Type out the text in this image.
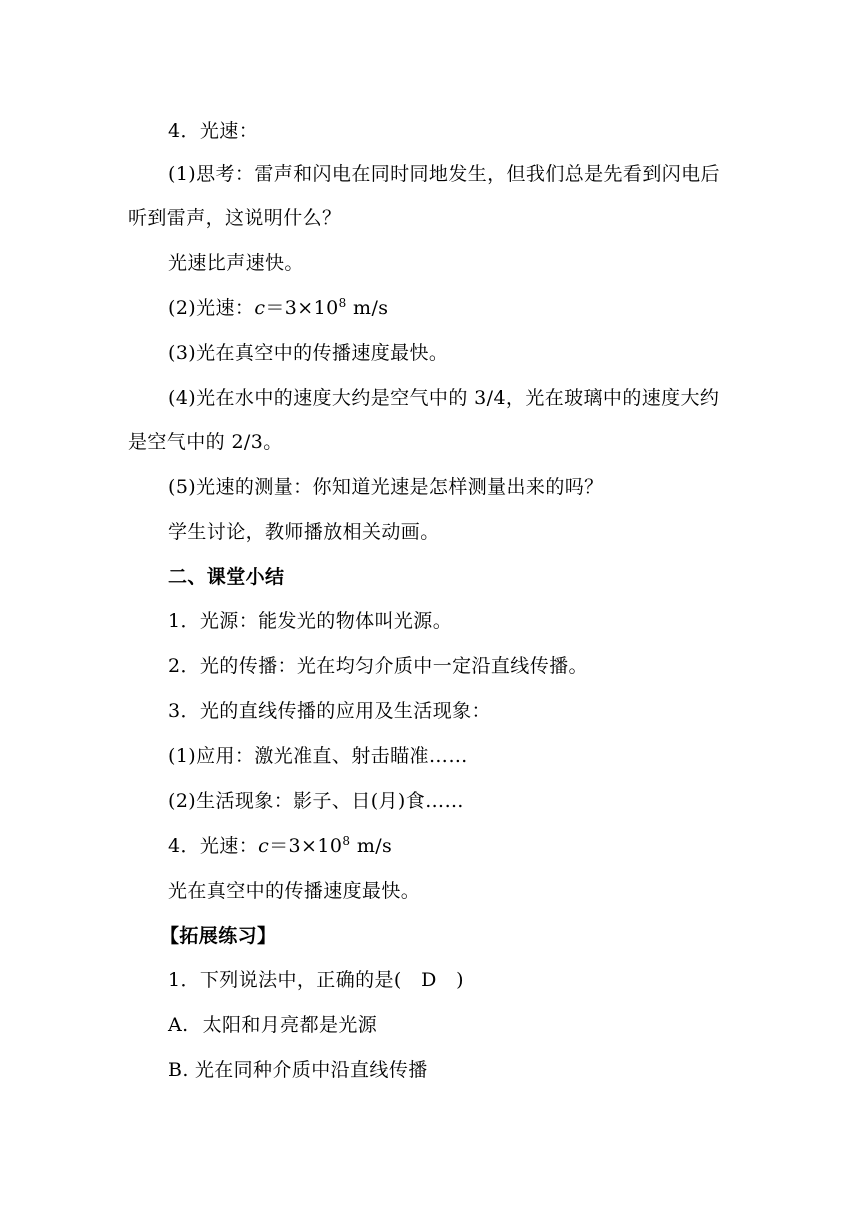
4．光速：

(1)思考：雷声和闪电在同时同地发生，但我们总是先看到闪电后

听到雷声，这说明什么？

光速比声速快。

(2)光速：$c=3\times 10^8$ m/s

(3)光在真空中的传播速度最快。

(4)光在水中的速度大约是空气中的 3/4，光在玻璃中的速度大约

是空气中的 2/3。

(5)光速的测量：你知道光速是怎样测量出来的吗？

学生讨论，教师播放相关动画。

二、课堂小结

1．光源：能发光的物体叫光源。

2．光的传播：光在均匀介质中一定沿直线传播。

3．光的直线传播的应用及生活现象：

(1)应用：激光准直、射击瞄准……

(2)生活现象：影子、日(月)食……

4．光速：$c=3\times 10^8$ m/s

光在真空中的传播速度最快。

【拓展练习】

1．下列说法中，正确的是(　D　)

A. 太阳和月亮都是光源

B. 光在同种介质中沿直线传播
